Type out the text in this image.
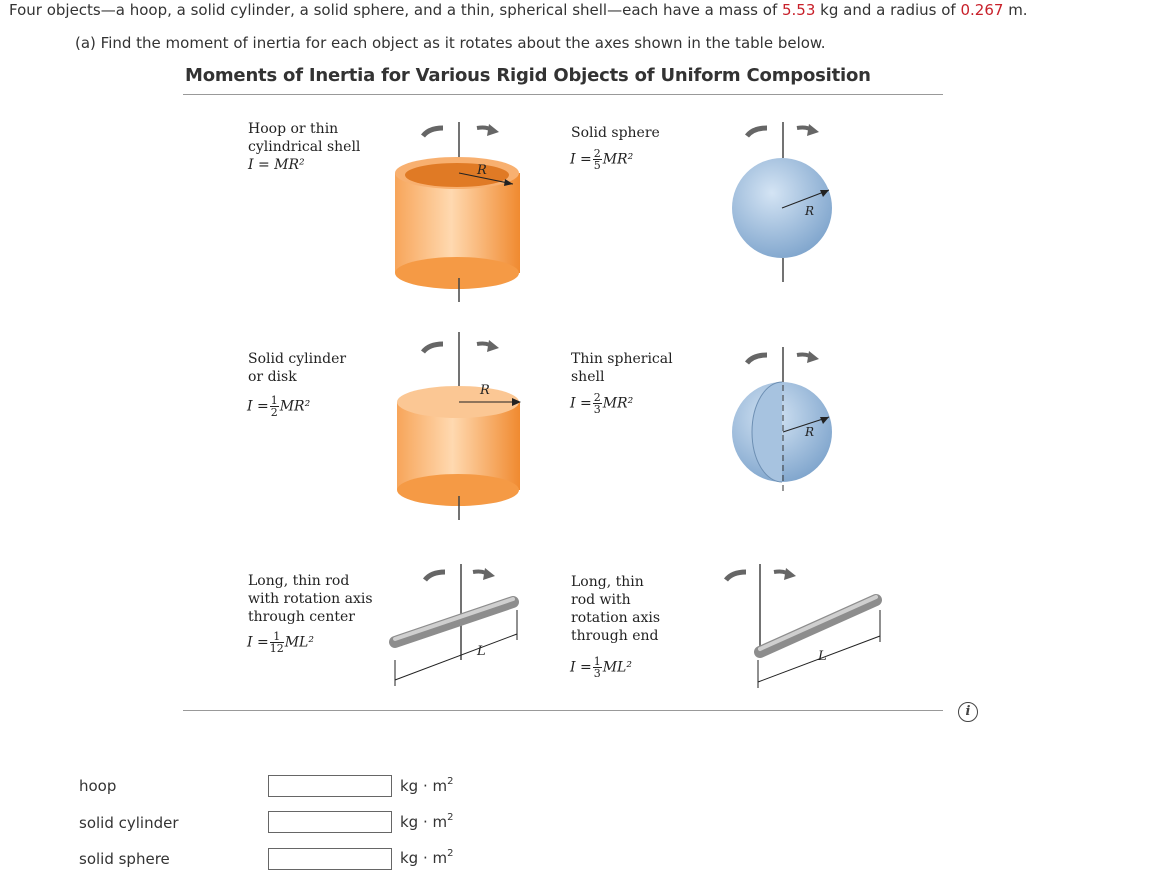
Four objects—a hoop, a solid cylinder, a solid sphere, and a thin, spherical shell—each have a mass of 5.53 kg and a radius of 0.267 m.
(a) Find the moment of inertia for each object as it rotates about the axes shown in the table below.
Moments of Inertia for Various Rigid Objects of Uniform Composition
Hoop or thin
cylindrical shell
I = MR²	R
Solid sphere
$I = \frac{2}{5} MR^2$
R
Solid cylinder
or disk
$I = \frac{1}{2} MR^2$
R
Thin spherical
shell
$I = \frac{2}{3} MR^2$
R
Long, thin rod
with rotation axis
through center
$I = \frac{1}{12} ML^2$
L
Long, thin
rod with
rotation axis
through end
$I = \frac{1}{3} ML^2$
L
i
hoop	kg · $m^2$
solid cylinder	kg · $m^2$
solid sphere	kg · $m^2$
